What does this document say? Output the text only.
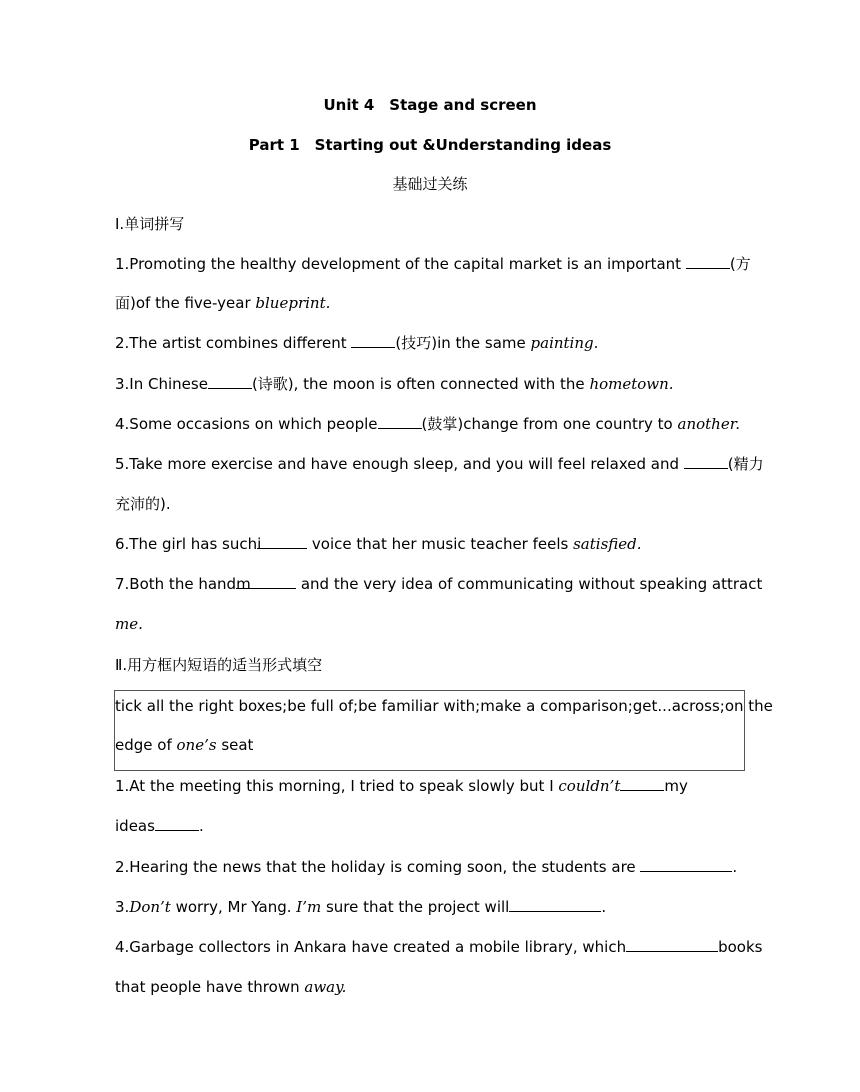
Unit 4　Stage and screen
Part 1　Starting out &Understanding ideas
基础过关练
Ⅰ.单词拼写
1.Promoting the healthy development of the capital market is an important	(方
面)of the five-year blueprint.
2.The artist combines different	(技巧)in the same painting.
3.In Chinese	(诗歌), the moon is often connected with the hometown.
4.Some occasions on which people	(鼓掌)change from one country to another.
5.Take more exercise and have enough sleep, and you will feel relaxed and	(精力
充沛的).
6.The girl has suchi	voice that her music teacher feels satisfied.
7.Both the handm	and the very idea of communicating without speaking attract
me.
Ⅱ.用方框内短语的适当形式填空
tick all the right boxes;be full of;be familiar with;make a comparison;get...across;on the
edge of one’s seat
1.At the meeting this morning, I tried to speak slowly but I couldn’t	my
ideas	.
2.Hearing the news that the holiday is coming soon, the students are	.
3.Don’t worry, Mr Yang. I’m sure that the project will	.
4.Garbage collectors in Ankara have created a mobile library, which	books
that people have thrown away.
